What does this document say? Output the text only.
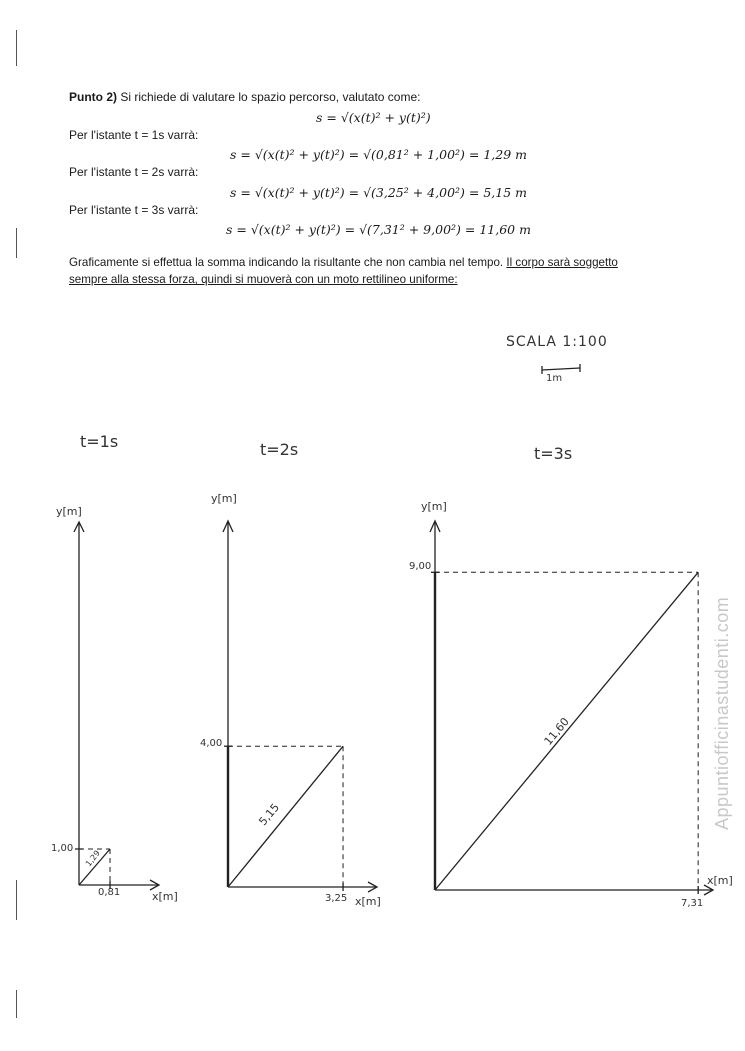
Punto 2) Si richiede di valutare lo spazio percorso, valutato come:
s = √(x(t)² + y(t)²)
Per l'istante t = 1s varrà:
s = √(x(t)² + y(t)²) = √(0,81² + 1,00²) = 1,29 m
Per l'istante t = 2s varrà:
s = √(x(t)² + y(t)²) = √(3,25² + 4,00²) = 5,15 m
Per l'istante t = 3s varrà:
s = √(x(t)² + y(t)²) = √(7,31² + 9,00²) = 11,60 m
Graficamente si effettua la somma indicando la risultante che non cambia nel tempo. Il corpo sarà soggetto
sempre alla stessa forza, quindi si muoverà con un moto rettilineo uniforme:
SCALA 1:100
1m
t=1s	t=2s	t=3s
y[m]
y[m]
y[m]
x[m]	x[m]
x[m]
1,00
0,81
4,00
3,25
9,00
7,31
1,29
5,15
11,60	Appuntiofficinastudenti.com
